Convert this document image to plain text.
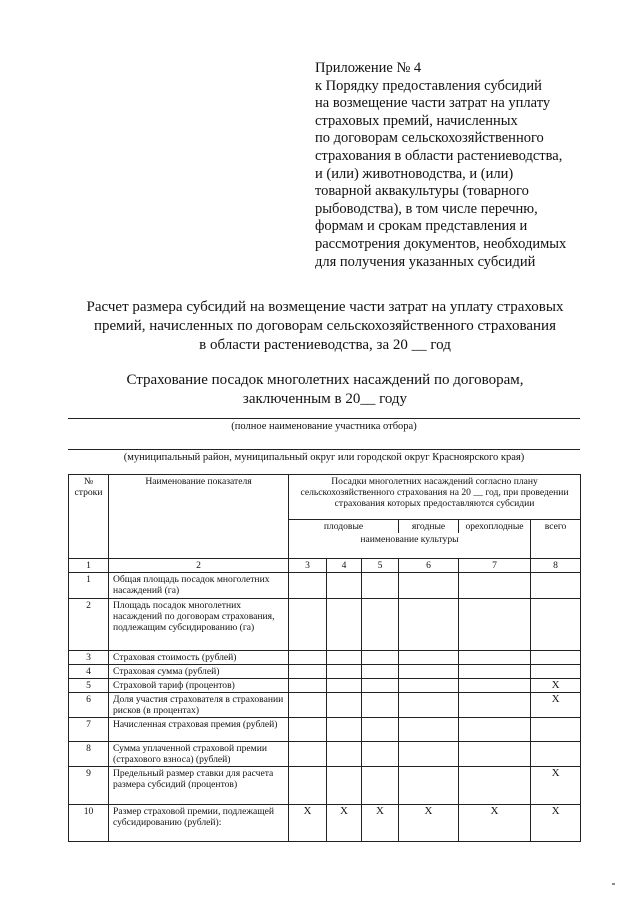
Приложение № 4
к Порядку предоставления субсидий
на возмещение части затрат на уплату
страховых премий, начисленных
по договорам сельскохозяйственного
страхования в области растениеводства,
и (или) животноводства, и (или)
товарной аквакультуры (товарного
рыбоводства), в том числе перечню,
формам и срокам представления и
рассмотрения документов, необходимых
для получения указанных субсидий
Расчет размера субсидий на возмещение части затрат на уплату страховых
премий, начисленных по договорам сельскохозяйственного страхования
в области растениеводства, за 20 __ год
Страхование посадок многолетних насаждений по договорам,
заключенным в 20__ году
(полное наименование участника отбора)
(муниципальный район, муниципальный округ или городской округ Красноярского края)
№ строки	Наименование показателя	Посадки многолетних насаждений согласно плану сельскохозяйственного страхования на 20 __ год, при проведении страхования которых предоставляются субсидии					
		плодовые			ягодные	орехоплодные	всего
		наименование культуры					
1	2	3	4	5	6	7	8
1	Общая площадь посадок многолетних насаждений (га)						
2	Площадь посадок многолетних насаждений по договорам страхования, подлежащим субсидированию (га)						
3	Страховая стоимость (рублей)						
4	Страховая сумма (рублей)						
5	Страховой тариф (процентов)						X
6	Доля участия страхователя в страховании рисков (в процентах)						X
7	Начисленная страховая премия (рублей)						
8	Сумма уплаченной страховой премии (страхового взноса) (рублей)						
9	Предельный размер ставки для расчета размера субсидий (процентов)						X
10	Размер страховой премии, подлежащей субсидированию (рублей):	X	X	X	X	X	X
